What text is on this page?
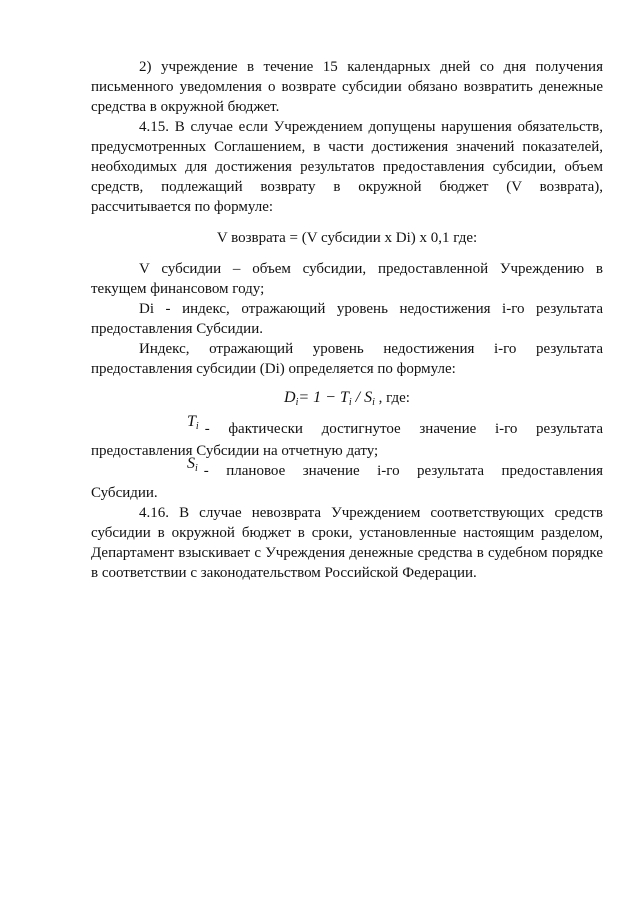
2) учреждение в течение 15 календарных дней со дня получения письменного уведомления о возврате субсидии обязано возвратить денежные средства в окружной бюджет.

4.15. В случае если Учреждением допущены нарушения обязательств, предусмотренных Соглашением, в части достижения значений показателей, необходимых для достижения результатов предоставления субсидии, объем средств, подлежащий возврату в окружной бюджет (V возврата), рассчитывается по формуле:

V возврата = (V субсидии x Di) x 0,1 где:

V субсидии – объем субсидии, предоставленной Учреждению в текущем финансовом году;

Di - индекс, отражающий уровень недостижения i-го результата предоставления Субсидии.

Индекс, отражающий уровень недостижения i-го результата предоставления субсидии (Di) определяется по формуле:

$D_i= 1 - T_i / S_i$ , где:

Ti - фактически достигнутое значение i-го результата предоставления Субсидии на отчетную дату;

Si - плановое значение i-го результата предоставления Субсидии.

4.16. В случае невозврата Учреждением соответствующих средств субсидии в окружной бюджет в сроки, установленные настоящим разделом, Департамент взыскивает с Учреждения денежные средства в судебном порядке в соответствии с законодательством Российской Федерации.
